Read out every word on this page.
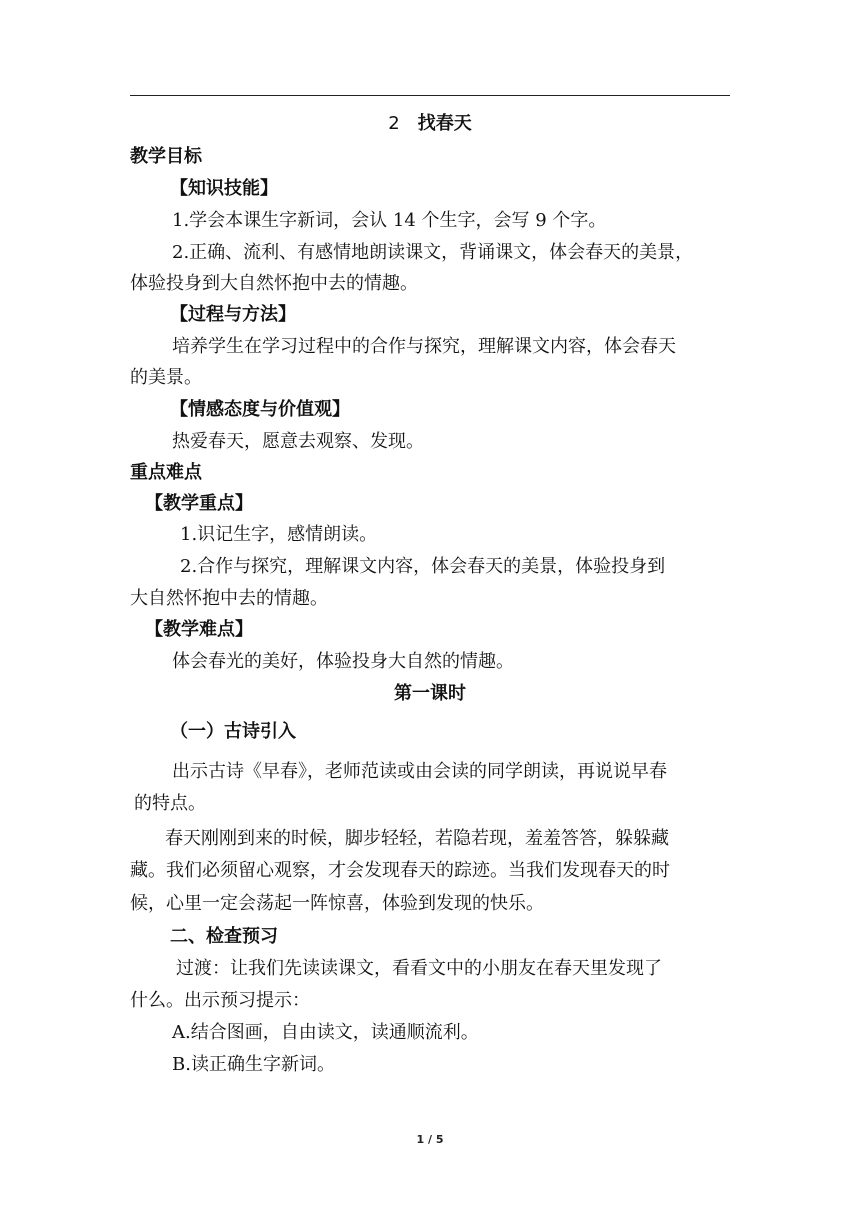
2 找春天
教学目标
【知识技能】
1.学会本课生字新词，会认 14 个生字，会写 9 个字。
2.正确、流利、有感情地朗读课文，背诵课文，体会春天的美景，
体验投身到大自然怀抱中去的情趣。
【过程与方法】
培养学生在学习过程中的合作与探究，理解课文内容，体会春天
的美景。
【情感态度与价值观】
热爱春天，愿意去观察、发现。
重点难点
【教学重点】
1.识记生字，感情朗读。
2.合作与探究，理解课文内容，体会春天的美景，体验投身到
大自然怀抱中去的情趣。
【教学难点】
体会春光的美好，体验投身大自然的情趣。
第一课时
（一）古诗引入
出示古诗《早春》，老师范读或由会读的同学朗读，再说说早春
的特点。
春天刚刚到来的时候，脚步轻轻，若隐若现，羞羞答答，躲躲藏
藏。我们必须留心观察，才会发现春天的踪迹。当我们发现春天的时
候，心里一定会荡起一阵惊喜，体验到发现的快乐。
二、检查预习
过渡：让我们先读读课文，看看文中的小朋友在春天里发现了
什么。出示预习提示：
A.结合图画，自由读文，读通顺流利。
B.读正确生字新词。
1 / 5
